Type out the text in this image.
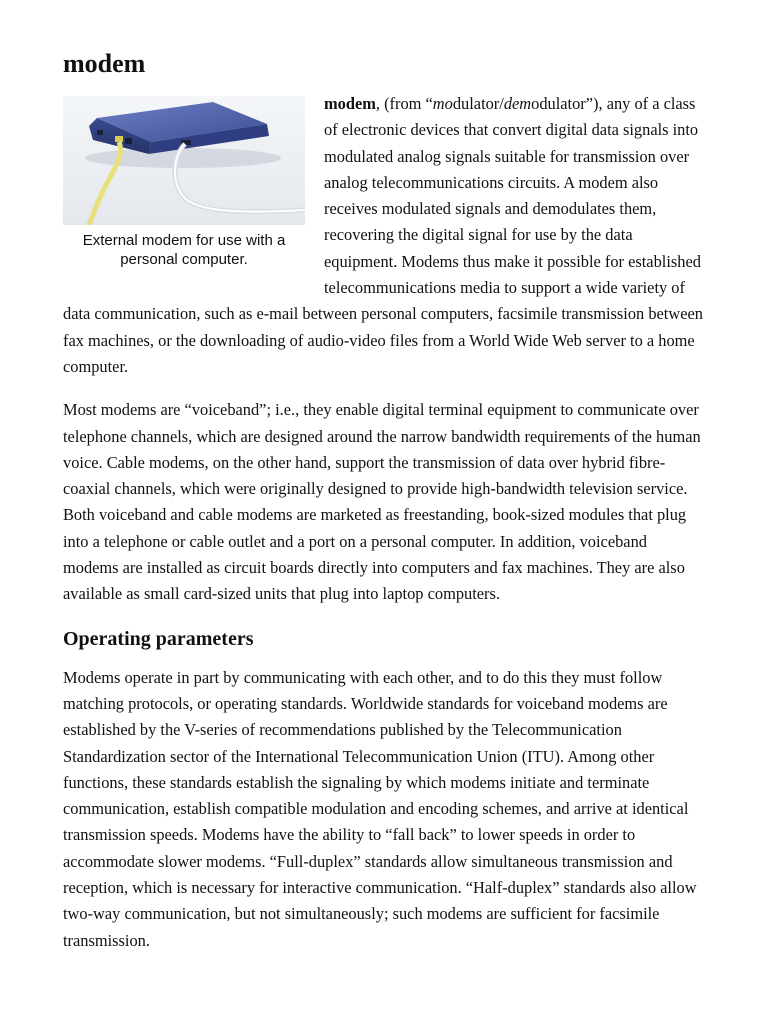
modem
External modem for use with a personal computer.

modem, (from “modulator/demodulator”), any of a class of electronic devices that convert digital data signals into modulated analog signals suitable for transmission over analog telecommunications circuits. A modem also receives modulated signals and demodulates them, recovering the digital signal for use by the data equipment. Modems thus make it possible for established telecommunications media to support a wide variety of data communication, such as e-mail between personal computers, facsimile transmission between fax machines, or the downloading of audio-video files from a World Wide Web server to a home computer.

Most modems are “voiceband”; i.e., they enable digital terminal equipment to communicate over telephone channels, which are designed around the narrow bandwidth requirements of the human voice. Cable modems, on the other hand, support the transmission of data over hybrid fibre-coaxial channels, which were originally designed to provide high-bandwidth television service. Both voiceband and cable modems are marketed as freestanding, book-sized modules that plug into a telephone or cable outlet and a port on a personal computer. In addition, voiceband modems are installed as circuit boards directly into computers and fax machines. They are also available as small card-sized units that plug into laptop computers.

Operating parameters

Modems operate in part by communicating with each other, and to do this they must follow matching protocols, or operating standards. Worldwide standards for voiceband modems are established by the V-series of recommendations published by the Telecommunication Standardization sector of the International Telecommunication Union (ITU). Among other functions, these standards establish the signaling by which modems initiate and terminate communication, establish compatible modulation and encoding schemes, and arrive at identical transmission speeds. Modems have the ability to “fall back” to lower speeds in order to accommodate slower modems. “Full-duplex” standards allow simultaneous transmission and reception, which is necessary for interactive communication. “Half-duplex” standards also allow two-way communication, but not simultaneously; such modems are sufficient for facsimile transmission.
